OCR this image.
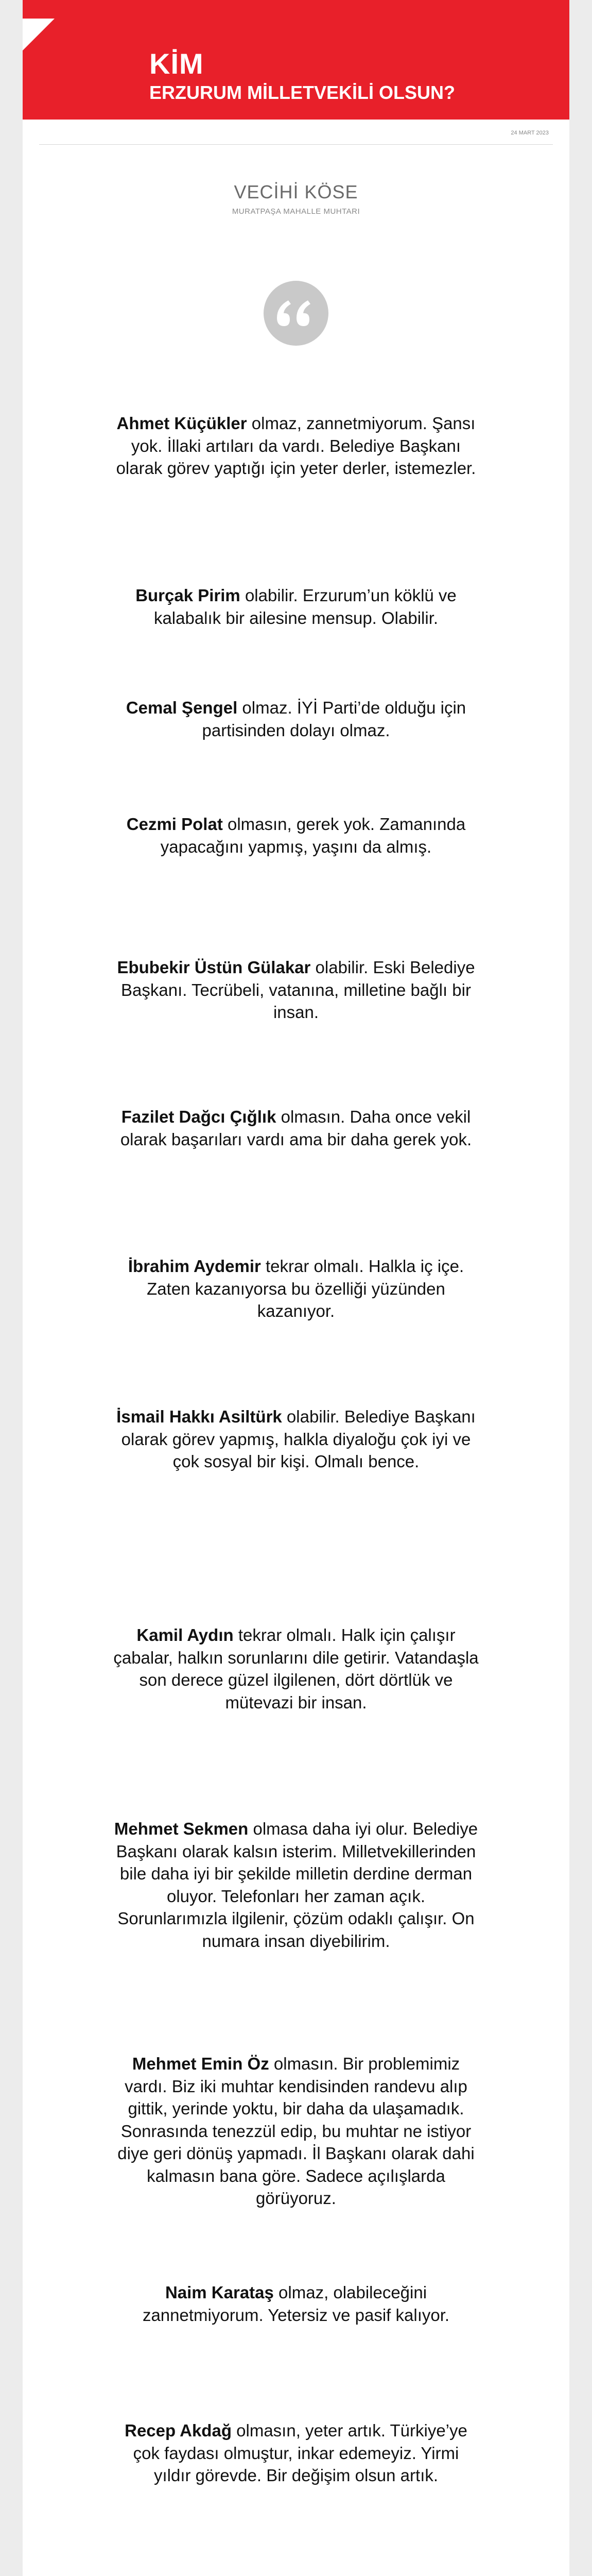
KİM
ERZURUM MİLLETVEKİLİ OLSUN?
24 MART 2023
VECİHİ KÖSE
MURATPAŞA MAHALLE MUHTARI
Ahmet Küçükler olmaz, zannetmiyorum. Şansı yok. İllaki artıları da vardı. Belediye Başkanı olarak görev yaptığı için yeter derler, istemezler.
Burçak Pirim olabilir. Erzurum’un köklü ve kalabalık bir ailesine mensup. Olabilir.
Cemal Şengel olmaz. İYİ Parti’de olduğu için partisinden dolayı olmaz.
Cezmi Polat olmasın, gerek yok. Zamanında yapacağını yapmış, yaşını da almış.
Ebubekir Üstün Gülakar olabilir. Eski Belediye Başkanı. Tecrübeli, vatanına, milletine bağlı bir insan.
Fazilet Dağcı Çığlık olmasın. Daha once vekil olarak başarıları vardı ama bir daha gerek yok.
İbrahim Aydemir tekrar olmalı. Halkla iç içe. Zaten kazanıyorsa bu özelliği yüzünden kazanıyor.
İsmail Hakkı Asiltürk olabilir. Belediye Başkanı olarak görev yapmış, halkla diyaloğu çok iyi ve çok sosyal bir kişi. Olmalı bence.
Kamil Aydın tekrar olmalı. Halk için çalışır çabalar, halkın sorunlarını dile getirir. Vatandaşla son derece güzel ilgilenen, dört dörtlük ve mütevazi bir insan.
Mehmet Sekmen olmasa daha iyi olur. Belediye Başkanı olarak kalsın isterim. Milletvekillerinden bile daha iyi bir şekilde milletin derdine derman oluyor. Telefonları her zaman açık. Sorunlarımızla ilgilenir, çözüm odaklı çalışır. On numara insan diyebilirim.
Mehmet Emin Öz olmasın. Bir problemimiz vardı. Biz iki muhtar kendisinden randevu alıp gittik, yerinde yoktu, bir daha da ulaşamadık. Sonrasında tenezzül edip, bu muhtar ne istiyor diye geri dönüş yapmadı. İl Başkanı olarak dahi kalmasın bana göre. Sadece açılışlarda görüyoruz.
Naim Karataş olmaz, olabileceğini zannetmiyorum. Yetersiz ve pasif kalıyor.
Recep Akdağ olmasın, yeter artık. Türkiye’ye çok faydası olmuştur, inkar edemeyiz. Yirmi yıldır görevde. Bir değişim olsun artık.
